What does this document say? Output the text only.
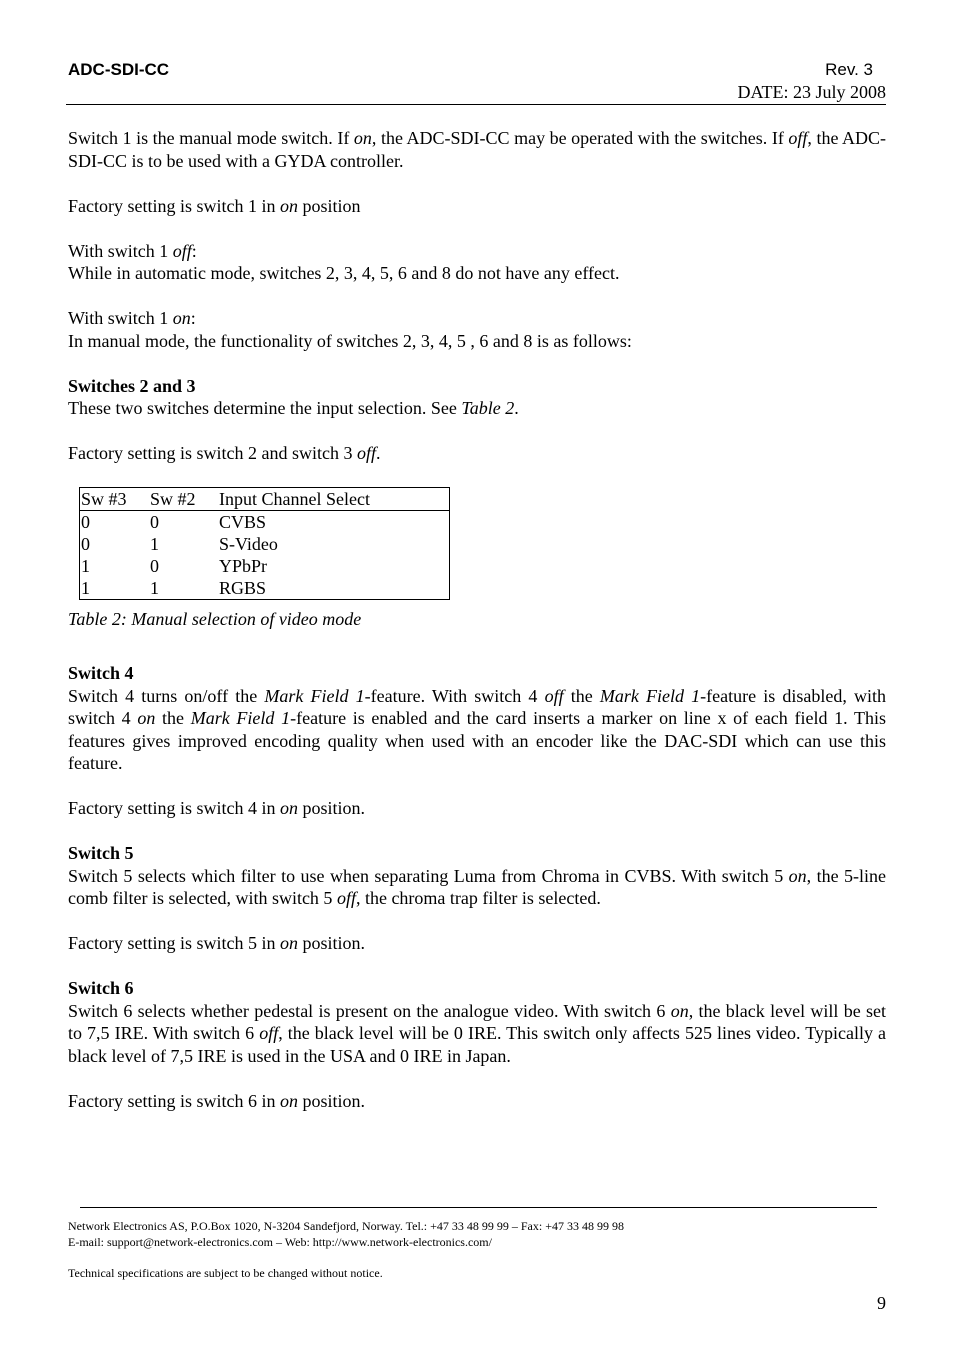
ADC-SDI-CC	Rev. 3
DATE: 23 July 2008

Switch 1 is the manual mode switch. If on, the ADC-SDI-CC may be operated with the switches. If off, the ADC-SDI-CC is to be used with a GYDA controller.

Factory setting is switch 1 in on position

With switch 1 off:

While in automatic mode, switches 2, 3, 4, 5, 6 and 8 do not have any effect.

With switch 1 on:

In manual mode, the functionality of switches 2, 3, 4, 5 , 6 and 8 is as follows:

Switches 2 and 3

These two switches determine the input selection. See Table 2.

Factory setting is switch 2 and switch 3 off.

Sw #3	Sw #2	Input Channel Select
0	0	CVBS
0	1	S-Video
1	0	YPbPr
1	1	RGBS

Table 2: Manual selection of video mode

Switch 4

Switch 4 turns on/off the Mark Field 1-feature. With switch 4 off the Mark Field 1-feature is disabled, with switch 4 on the Mark Field 1-feature is enabled and the card inserts a marker on line x of each field 1. This features gives improved encoding quality when used with an encoder like the DAC-SDI which can use this feature.

Factory setting is switch 4 in on position.

Switch 5

Switch 5 selects which filter to use when separating Luma from Chroma in CVBS. With switch 5 on, the 5-line comb filter is selected, with switch 5 off, the chroma trap filter is selected.

Factory setting is switch 5 in on position.

Switch 6

Switch 6 selects whether pedestal is present on the analogue video. With switch 6 on, the black level will be set to 7,5 IRE. With switch 6 off, the black level will be 0 IRE. This switch only affects 525 lines video. Typically a black level of 7,5 IRE is used in the USA and 0 IRE in Japan.

Factory setting is switch 6 in on position.

Network Electronics AS, P.O.Box 1020, N-3204 Sandefjord, Norway. Tel.: +47 33 48 99 99 – Fax: +47 33 48 99 98
E-mail: support@network-electronics.com – Web: http://www.network-electronics.com/
Technical specifications are subject to be changed without notice.
9
